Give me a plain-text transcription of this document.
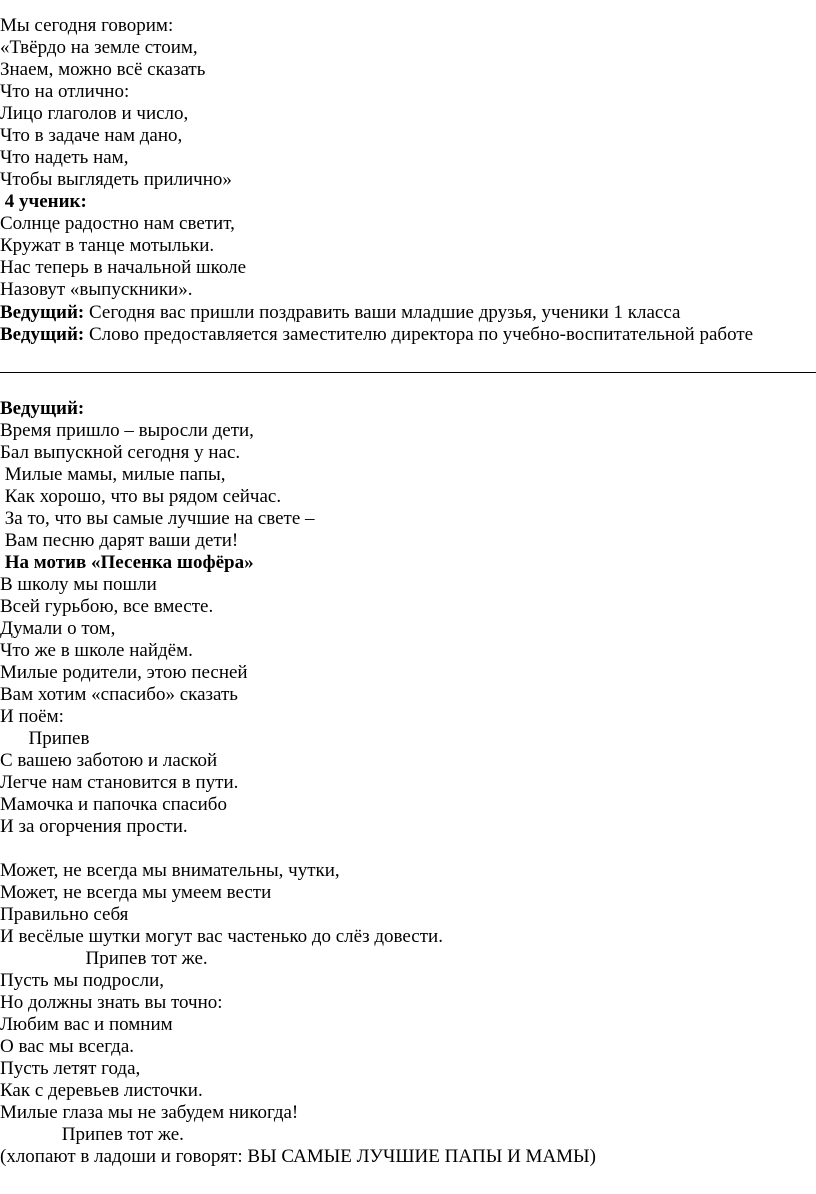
Мы сегодня говорим:
«Твёрдо на земле стоим,
Знаем, можно всё сказать
Что на отлично:
Лицо глаголов и число,
Что в задаче нам дано,
Что надеть нам,
Чтобы выглядеть прилично»
4 ученик:
Солнце радостно нам светит,
Кружат в танце мотыльки.
Нас теперь в начальной школе
Назовут «выпускники».
Ведущий: Сегодня вас пришли поздравить ваши младшие друзья, ученики 1 класса
Ведущий: Слово предоставляется заместителю директора по учебно-воспитательной работе
Ведущий:
Время пришло – выросли дети,
Бал выпускной сегодня у нас.
Милые мамы, милые папы,
Как хорошо, что вы рядом сейчас.
За то, что вы самые лучшие на свете –
Вам песню дарят ваши дети!
На мотив «Песенка шофёра»
В школу мы пошли
Всей гурьбою, все вместе.
Думали о том,
Что же в школе найдём.
Милые родители, этою песней
Вам хотим «спасибо» сказать
И поём:
Припев
С вашею заботою и лаской
Легче нам становится в пути.
Мамочка и папочка спасибо
И за огорчения прости.
Может, не всегда мы внимательны, чутки,
Может, не всегда мы умеем вести
Правильно себя
И весёлые шутки могут вас частенько до слёз довести.
Припев тот же.
Пусть мы подросли,
Но должны знать вы точно:
Любим вас и помним
О вас мы всегда.
Пусть летят года,
Как с деревьев листочки.
Милые глаза мы не забудем никогда!
Припев тот же.
(хлопают в ладоши и говорят: ВЫ САМЫЕ ЛУЧШИЕ ПАПЫ И МАМЫ)
